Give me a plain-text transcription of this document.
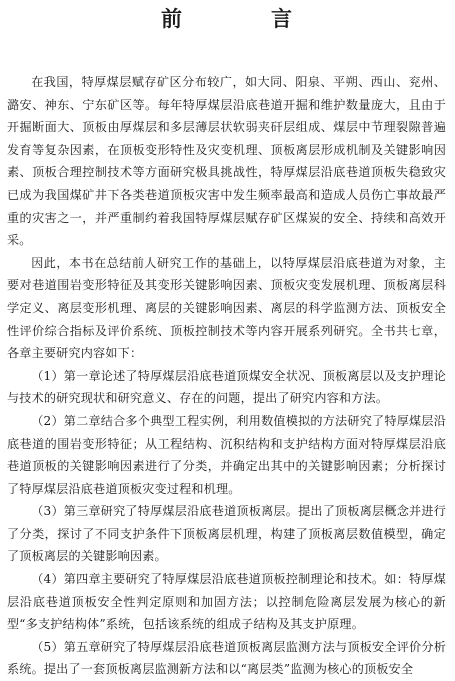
前　言

在我国，特厚煤层赋存矿区分布较广，如大同、阳泉、平朔、西山、兖州、潞安、神东、宁东矿区等。每年特厚煤层沿底巷道开掘和维护数量庞大，且由于开掘断面大、顶板由厚煤层和多层薄层状软弱夹矸层组成、煤层中节理裂隙普遍发育等复杂因素，在顶板变形特性及灾变机理、顶板离层形成机制及关键影响因素、顶板合理控制技术等方面研究极具挑战性，特厚煤层沿底巷道顶板失稳致灾已成为我国煤矿井下各类巷道顶板灾害中发生频率最高和造成人员伤亡事故最严重的灾害之一，并严重制约着我国特厚煤层赋存矿区煤炭的安全、持续和高效开采。

因此，本书在总结前人研究工作的基础上，以特厚煤层沿底巷道为对象，主要对巷道围岩变形特征及其变形关键影响因素、顶板灾变发展机理、顶板离层科学定义、离层变形机理、离层的关键影响因素、离层的科学监测方法、顶板安全性评价综合指标及评价系统、顶板控制技术等内容开展系列研究。全书共七章，各章主要研究内容如下：

（1）第一章论述了特厚煤层沿底巷道顶煤安全状况、顶板离层以及支护理论与技术的研究现状和研究意义、存在的问题，提出了研究内容和方法。

（2）第二章结合多个典型工程实例，利用数值模拟的方法研究了特厚煤层沿底巷道的围岩变形特征；从工程结构、沉积结构和支护结构方面对特厚煤层沿底巷道顶板的关键影响因素进行了分类，并确定出其中的关键影响因素；分析探讨了特厚煤层沿底巷道顶板灾变过程和机理。

（3）第三章研究了特厚煤层沿底巷道顶板离层。提出了顶板离层概念并进行了分类，探讨了不同支护条件下顶板离层机理，构建了顶板离层数值模型，确定了顶板离层的关键影响因素。

（4）第四章主要研究了特厚煤层沿底巷道顶板控制理论和技术。如：特厚煤层沿底巷道顶板安全性判定原则和加固方法；以控制危险离层发展为核心的新型“多支护结构体”系统，包括该系统的组成子结构及其支护原理。

（5）第五章研究了特厚煤层沿底巷道顶板离层监测方法与顶板安全评价分析系统。提出了一套顶板离层监测新方法和以“离层类”监测为核心的顶板安全
